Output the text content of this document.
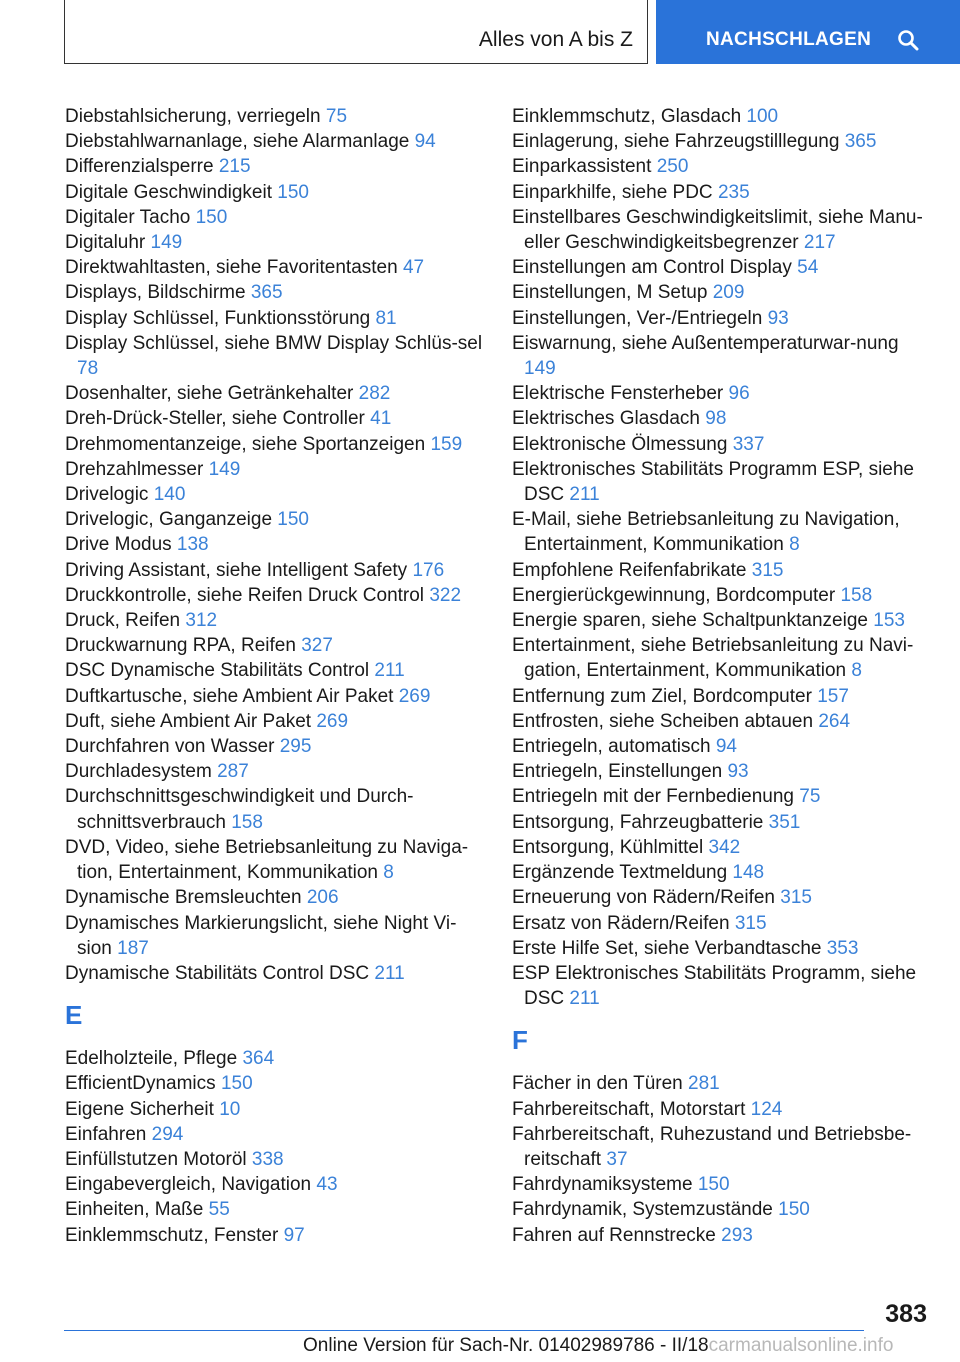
Alles von A bis Z	NACHSCHLAGEN
Diebstahlsicherung, verriegeln 75
Diebstahlwarnanlage, siehe Alarmanlage 94
Differenzialsperre 215
Digitale Geschwindigkeit 150
Digitaler Tacho 150
Digitaluhr 149
Direktwahltasten, siehe Favoritentasten 47
Displays, Bildschirme 365
Display Schlüssel, Funktionsstörung 81
Display Schlüssel, siehe BMW Display Schlüs‐sel 78
Dosenhalter, siehe Getränkehalter 282
Dreh-Drück-Steller, siehe Controller 41
Drehmomentanzeige, siehe Sportanzeigen 159
Drehzahlmesser 149
Drivelogic 140
Drivelogic, Ganganzeige 150
Drive Modus 138
Driving Assistant, siehe Intelligent Safety 176
Druckkontrolle, siehe Reifen Druck Control 322
Druck, Reifen 312
Druckwarnung RPA, Reifen 327
DSC Dynamische Stabilitäts Control 211
Duftkartusche, siehe Ambient Air Paket 269
Duft, siehe Ambient Air Paket 269
Durchfahren von Wasser 295
Durchladesystem 287
Durchschnittsgeschwindigkeit und Durch‐schnittsverbrauch 158
DVD, Video, siehe Betriebsanleitung zu Naviga‐tion, Entertainment, Kommunikation 8
Dynamische Bremsleuchten 206
Dynamisches Markierungslicht, siehe Night Vi‐sion 187
Dynamische Stabilitäts Control DSC 211
E
Edelholzteile, Pflege 364
EfficientDynamics 150
Eigene Sicherheit 10
Einfahren 294
Einfüllstutzen Motoröl 338
Eingabevergleich, Navigation 43
Einheiten, Maße 55
Einklemmschutz, Fenster 97
Einklemmschutz, Glasdach 100
Einlagerung, siehe Fahrzeugstilllegung 365
Einparkassistent 250
Einparkhilfe, siehe PDC 235
Einstellbares Geschwindigkeitslimit, siehe Manu‐eller Geschwindigkeitsbegrenzer 217
Einstellungen am Control Display 54
Einstellungen, M Setup 209
Einstellungen, Ver-/Entriegeln 93
Eiswarnung, siehe Außentemperaturwar‐nung 149
Elektrische Fensterheber 96
Elektrisches Glasdach 98
Elektronische Ölmessung 337
Elektronisches Stabilitäts Programm ESP, siehe DSC 211
E-Mail, siehe Betriebsanleitung zu Navigation, Entertainment, Kommunikation 8
Empfohlene Reifenfabrikate 315
Energierückgewinnung, Bordcomputer 158
Energie sparen, siehe Schaltpunktanzeige 153
Entertainment, siehe Betriebsanleitung zu Navi‐gation, Entertainment, Kommunikation 8
Entfernung zum Ziel, Bordcomputer 157
Entfrosten, siehe Scheiben abtauen 264
Entriegeln, automatisch 94
Entriegeln, Einstellungen 93
Entriegeln mit der Fernbedienung 75
Entsorgung, Fahrzeugbatterie 351
Entsorgung, Kühlmittel 342
Ergänzende Textmeldung 148
Erneuerung von Rädern/Reifen 315
Ersatz von Rädern/Reifen 315
Erste Hilfe Set, siehe Verbandtasche 353
ESP Elektronisches Stabilitäts Programm, siehe DSC 211
F
Fächer in den Türen 281
Fahrbereitschaft, Motorstart 124
Fahrbereitschaft, Ruhezustand und Betriebsbe‐reitschaft 37
Fahrdynamiksysteme 150
Fahrdynamik, Systemzustände 150
Fahren auf Rennstrecke 293
383
Online Version für Sach-Nr. 01402989786 - II/18carmanualsonline.info
